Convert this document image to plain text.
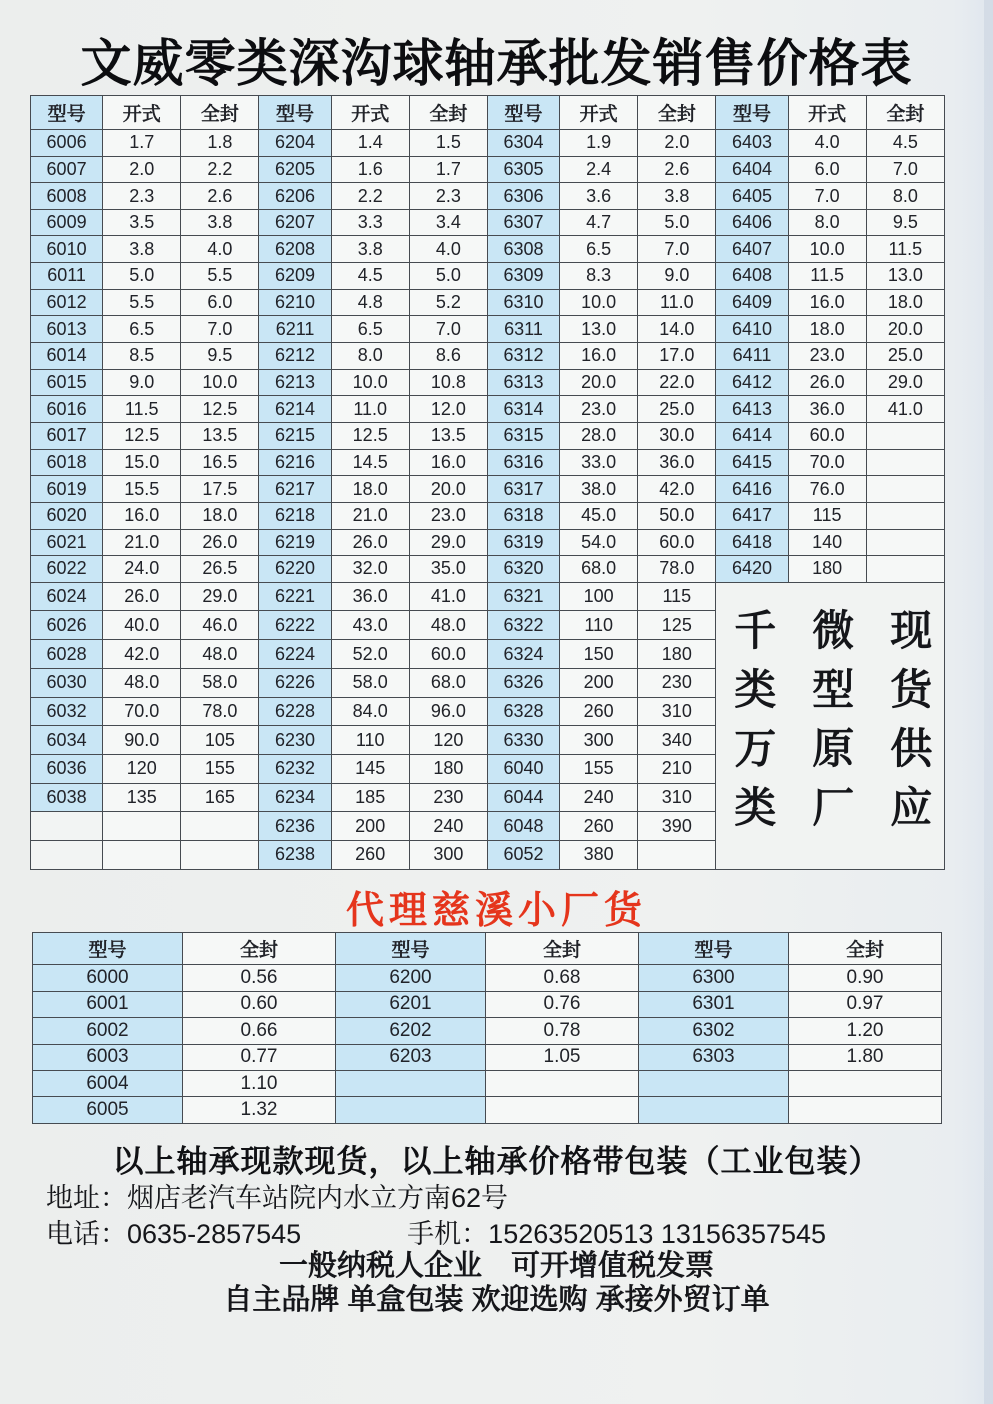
文威零类深沟球轴承批发销售价格表
型号	开式	全封	型号	开式	全封	型号	开式	全封	型号	开式	全封
6006	1.7	1.8	6204	1.4	1.5	6304	1.9	2.0	6403	4.0	4.5
6007	2.0	2.2	6205	1.6	1.7	6305	2.4	2.6	6404	6.0	7.0
6008	2.3	2.6	6206	2.2	2.3	6306	3.6	3.8	6405	7.0	8.0
6009	3.5	3.8	6207	3.3	3.4	6307	4.7	5.0	6406	8.0	9.5
6010	3.8	4.0	6208	3.8	4.0	6308	6.5	7.0	6407	10.0	11.5
6011	5.0	5.5	6209	4.5	5.0	6309	8.3	9.0	6408	11.5	13.0
6012	5.5	6.0	6210	4.8	5.2	6310	10.0	11.0	6409	16.0	18.0
6013	6.5	7.0	6211	6.5	7.0	6311	13.0	14.0	6410	18.0	20.0
6014	8.5	9.5	6212	8.0	8.6	6312	16.0	17.0	6411	23.0	25.0
6015	9.0	10.0	6213	10.0	10.8	6313	20.0	22.0	6412	26.0	29.0
6016	11.5	12.5	6214	11.0	12.0	6314	23.0	25.0	6413	36.0	41.0
6017	12.5	13.5	6215	12.5	13.5	6315	28.0	30.0	6414	60.0	
6018	15.0	16.5	6216	14.5	16.0	6316	33.0	36.0	6415	70.0	
6019	15.5	17.5	6217	18.0	20.0	6317	38.0	42.0	6416	76.0	
6020	16.0	18.0	6218	21.0	23.0	6318	45.0	50.0	6417	115	
6021	21.0	26.0	6219	26.0	29.0	6319	54.0	60.0	6418	140	
6022	24.0	26.5	6220	32.0	35.0	6320	68.0	78.0	6420	180	
6024	26.0	29.0	6221	36.0	41.0	6321	100	115	千类万类 微型原厂 现货供应		

6026	40.0	46.0	6222	43.0	48.0	6322	110	125			
6028	42.0	48.0	6224	52.0	60.0	6324	150	180			
6030	48.0	58.0	6226	58.0	68.0	6326	200	230			
6032	70.0	78.0	6228	84.0	96.0	6328	260	310			
6034	90.0	105	6230	110	120	6330	300	340			
6036	120	155	6232	145	180	6040	155	210			
6038	135	165	6234	185	230	6044	240	310			
			6236	200	240	6048	260	390			
			6238	260	300	6052	380				
代理慈溪小厂货
型号	全封	型号	全封	型号	全封
6000	0.56	6200	0.68	6300	0.90
6001	0.60	6201	0.76	6301	0.97
6002	0.66	6202	0.78	6302	1.20
6003	0.77	6203	1.05	6303	1.80
6004	1.10				
6005	1.32				
以上轴承现款现货，以上轴承价格带包装（工业包装）
地址：烟店老汽车站院内水立方南62号
电话：0635-2857545	手机：15263520513 13156357545
一般纳税人企业　可开增值税发票
自主品牌 单盒包装 欢迎选购 承接外贸订单
